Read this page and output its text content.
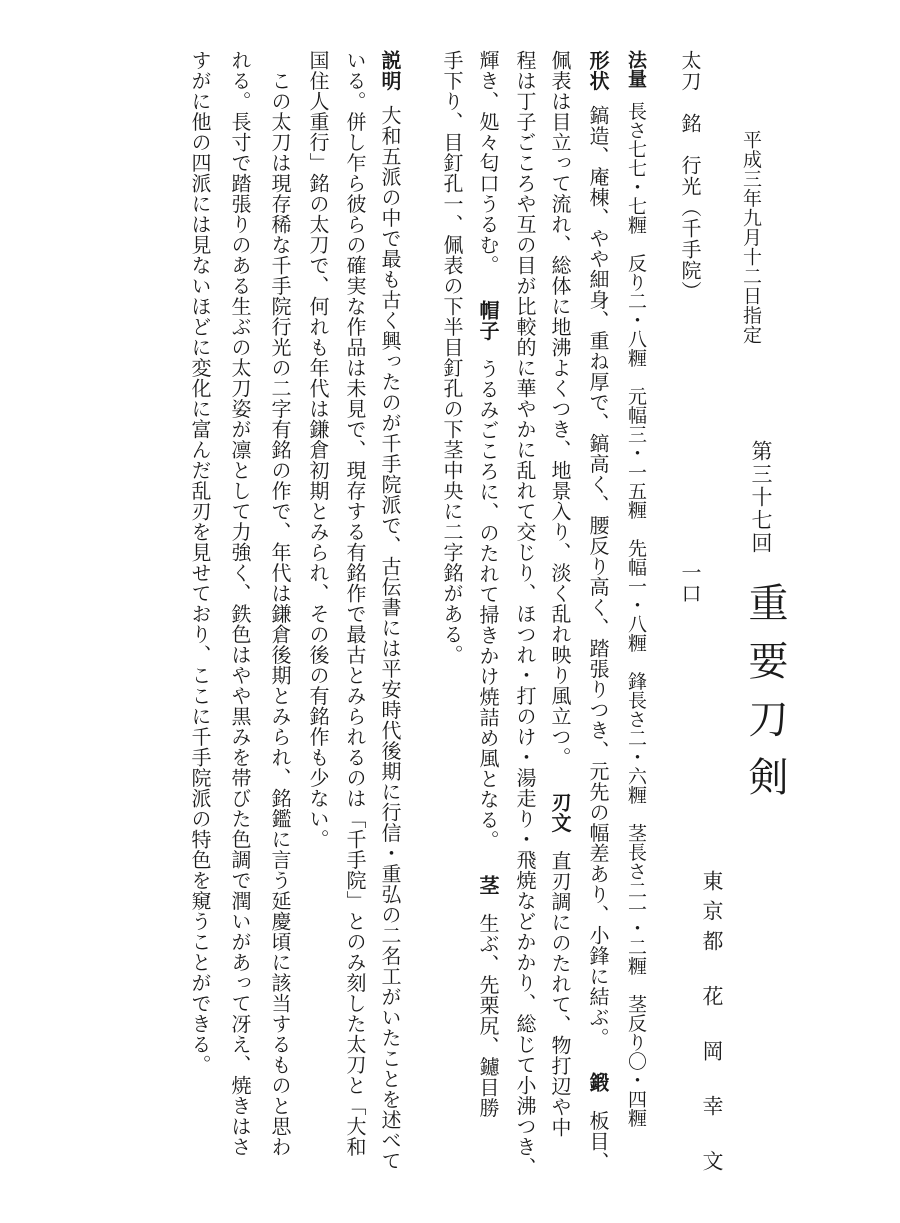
平成三年九月十二日指定
第三十七回
重要刀剣
東京都
花岡幸文
太刀　銘　行光（千手院）
一口
法量長さ七七・七糎　反り二・八糎　元幅三・一五糎　先幅一・八糎　鋒長さ二・六糎　茎長さ二一・二糎　茎反り〇・四糎
形状鎬造、庵棟、やや細身、重ね厚で、鎬高く、腰反り高く、踏張りつき、元先の幅差あり、小鋒に結ぶ。鍛板目、
佩表は目立って流れ、総体に地沸よくつき、地景入り、淡く乱れ映り風立つ。刃文直刃調にのたれて、物打辺や中
程は丁子ごころや互の目が比較的に華やかに乱れて交じり、ほつれ・打のけ・湯走り・飛焼などかかり、総じて小沸つき、
輝き、処々匂口うるむ。帽子うるみごころに、のたれて掃きかけ焼詰め風となる。茎生ぶ、先栗尻、鑢目勝
手下り、目釘孔一、佩表の下半目釘孔の下茎中央に二字銘がある。
説明大和五派の中で最も古く興ったのが千手院派で、古伝書には平安時代後期に行信・重弘の二名工がいたことを述べて
いる。併し乍ら彼らの確実な作品は未見で、現存する有銘作で最古とみられるのは「千手院」とのみ刻した太刀と「大和
国住人重行」銘の太刀で、何れも年代は鎌倉初期とみられ、その後の有銘作も少ない。
　この太刀は現存稀な千手院行光の二字有銘の作で、年代は鎌倉後期とみられ、銘鑑に言う延慶頃に該当するものと思わ
れる。長寸で踏張りのある生ぶの太刀姿が凛として力強く、鉄色はやや黒みを帯びた色調で潤いがあって冴え、焼きはさ
すがに他の四派には見ないほどに変化に富んだ乱刃を見せており、ここに千手院派の特色を窺うことができる。
